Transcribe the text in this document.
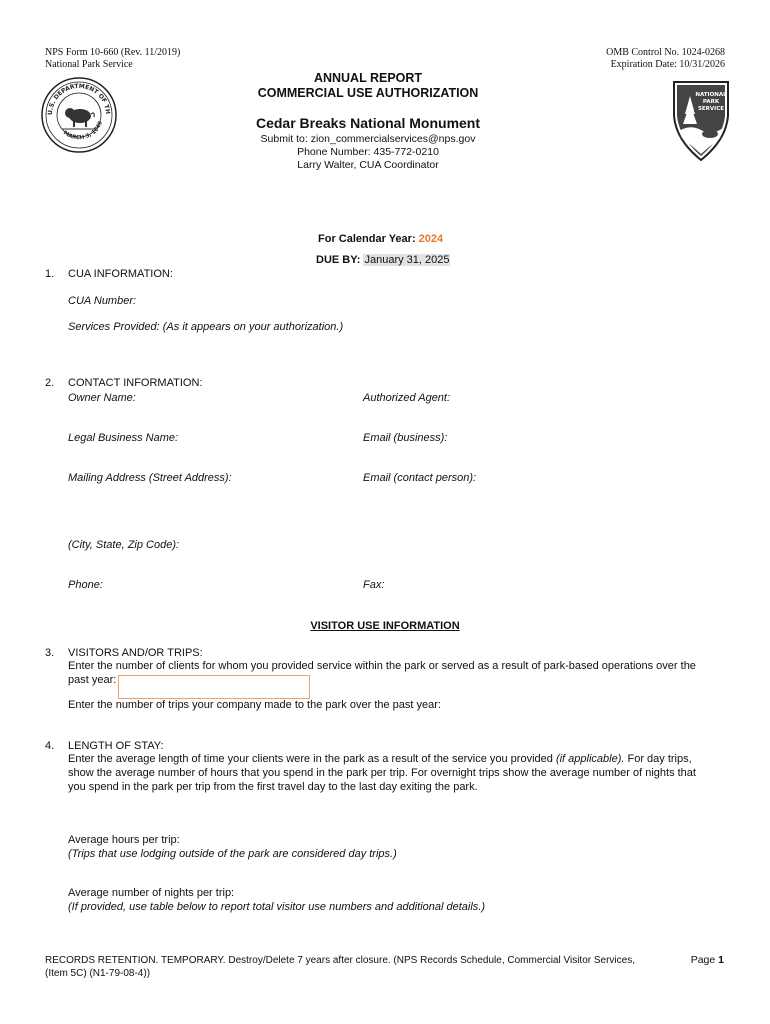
NPS Form 10-660 (Rev. 11/2019)
National Park Service
OMB Control No. 1024-0268
Expiration Date: 10/31/2026
U.S. DEPARTMENT OF TH
MARCH 3, 1849
ANNUAL REPORT
COMMERCIAL USE AUTHORIZATION
Cedar Breaks National Monument
Submit to: zion_commercialservices@nps.gov
Phone Number: 435-772-0210
Larry Walter, CUA Coordinator
NATIONAL
PARK
SERVICE
For Calendar Year: 2024
DUE BY: January 31, 2025
1. CUA INFORMATION:
CUA Number:
Services Provided: (As it appears on your authorization.)
2. CONTACT INFORMATION:
Owner Name:	Authorized Agent:
Legal Business Name:	Email (business):
Mailing Address (Street Address):	Email (contact person):
(City, State, Zip Code):
Phone:	Fax:
VISITOR USE INFORMATION
3. VISITORS AND/OR TRIPS:
Enter the number of clients for whom you provided service within the park or served as a result of park-based operations over the
past year:
Enter the number of trips your company made to the park over the past year:
4. LENGTH OF STAY:
Enter the average length of time your clients were in the park as a result of the service you provided (if applicable). For day trips,
show the average number of hours that you spend in the park per trip. For overnight trips show the average number of nights that
you spend in the park per trip from the first travel day to the last day exiting the park.
Average hours per trip:
(Trips that use lodging outside of the park are considered day trips.)
Average number of nights per trip:
(If provided, use table below to report total visitor use numbers and additional details.)
RECORDS RETENTION. TEMPORARY. Destroy/Delete 7 years after closure. (NPS Records Schedule, Commercial Visitor Services,
(Item 5C) (N1-79-08-4))
Page 1
